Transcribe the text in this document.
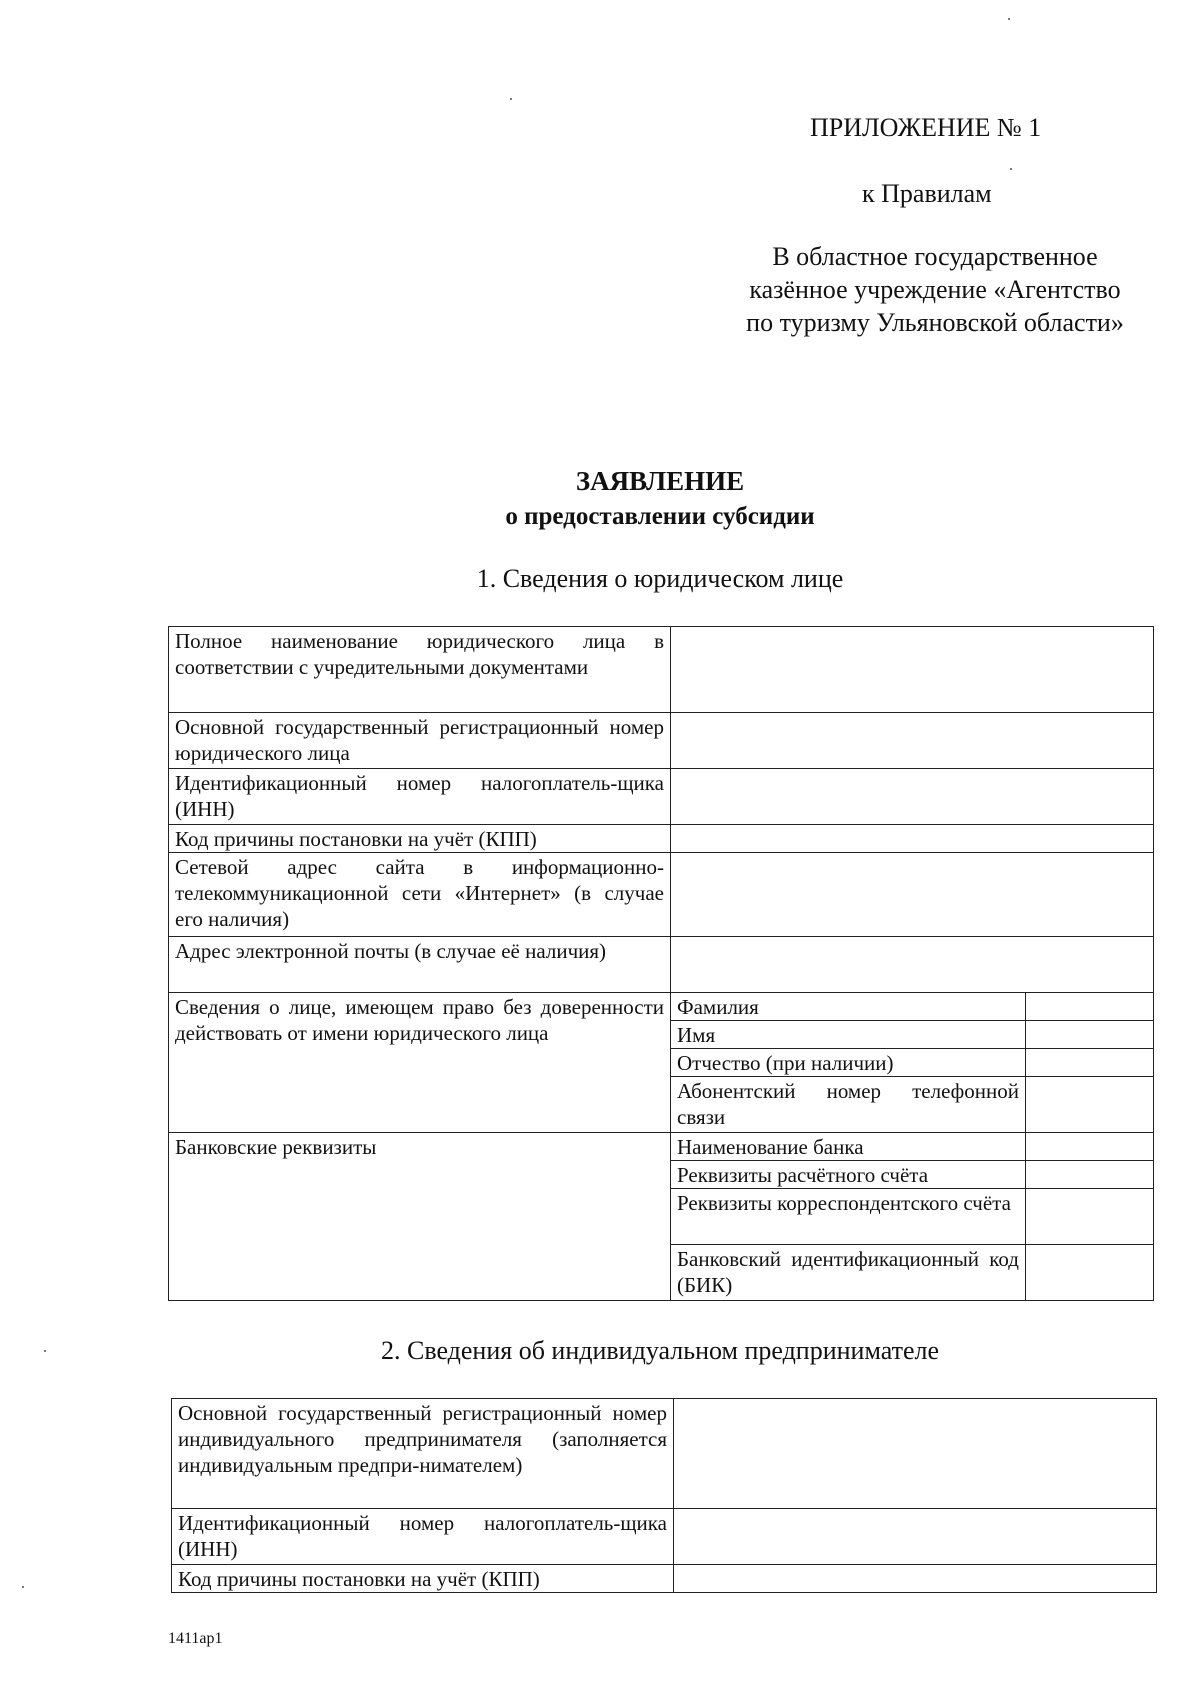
ПРИЛОЖЕНИЕ № 1
к Правилам
В областное государственное
казённое учреждение «Агентство
по туризму Ульяновской области»
ЗАЯВЛЕНИЕ
о предоставлении субсидии
1. Сведения о юридическом лице
Полное наименование юридического лица в соответствии с учредительными документами		
Основной государственный регистрационный номер юридического лица		
Идентификационный номер налогоплатель-щика (ИНН)		
Код причины постановки на учёт (КПП)		
Сетевой адрес сайта в информационно-телекоммуникационной сети «Интернет» (в случае его наличия)		
Адрес электронной почты (в случае её наличия)		
Сведения о лице, имеющем право без доверенности действовать от имени юридического лица	Фамилия	
	Имя	
	Отчество (при наличии)	
	Абонентский номер телефонной связи	
Банковские реквизиты	Наименование банка	
	Реквизиты расчётного счёта	
	Реквизиты корреспондентского счёта	
	Банковский идентификационный код (БИК)	
2. Сведения об индивидуальном предпринимателе
Основной государственный регистрационный номер индивидуального предпринимателя (заполняется индивидуальным предпри-нимателем)	
Идентификационный номер налогоплатель-щика (ИНН)	
Код причины постановки на учёт (КПП)	
1411ap1
